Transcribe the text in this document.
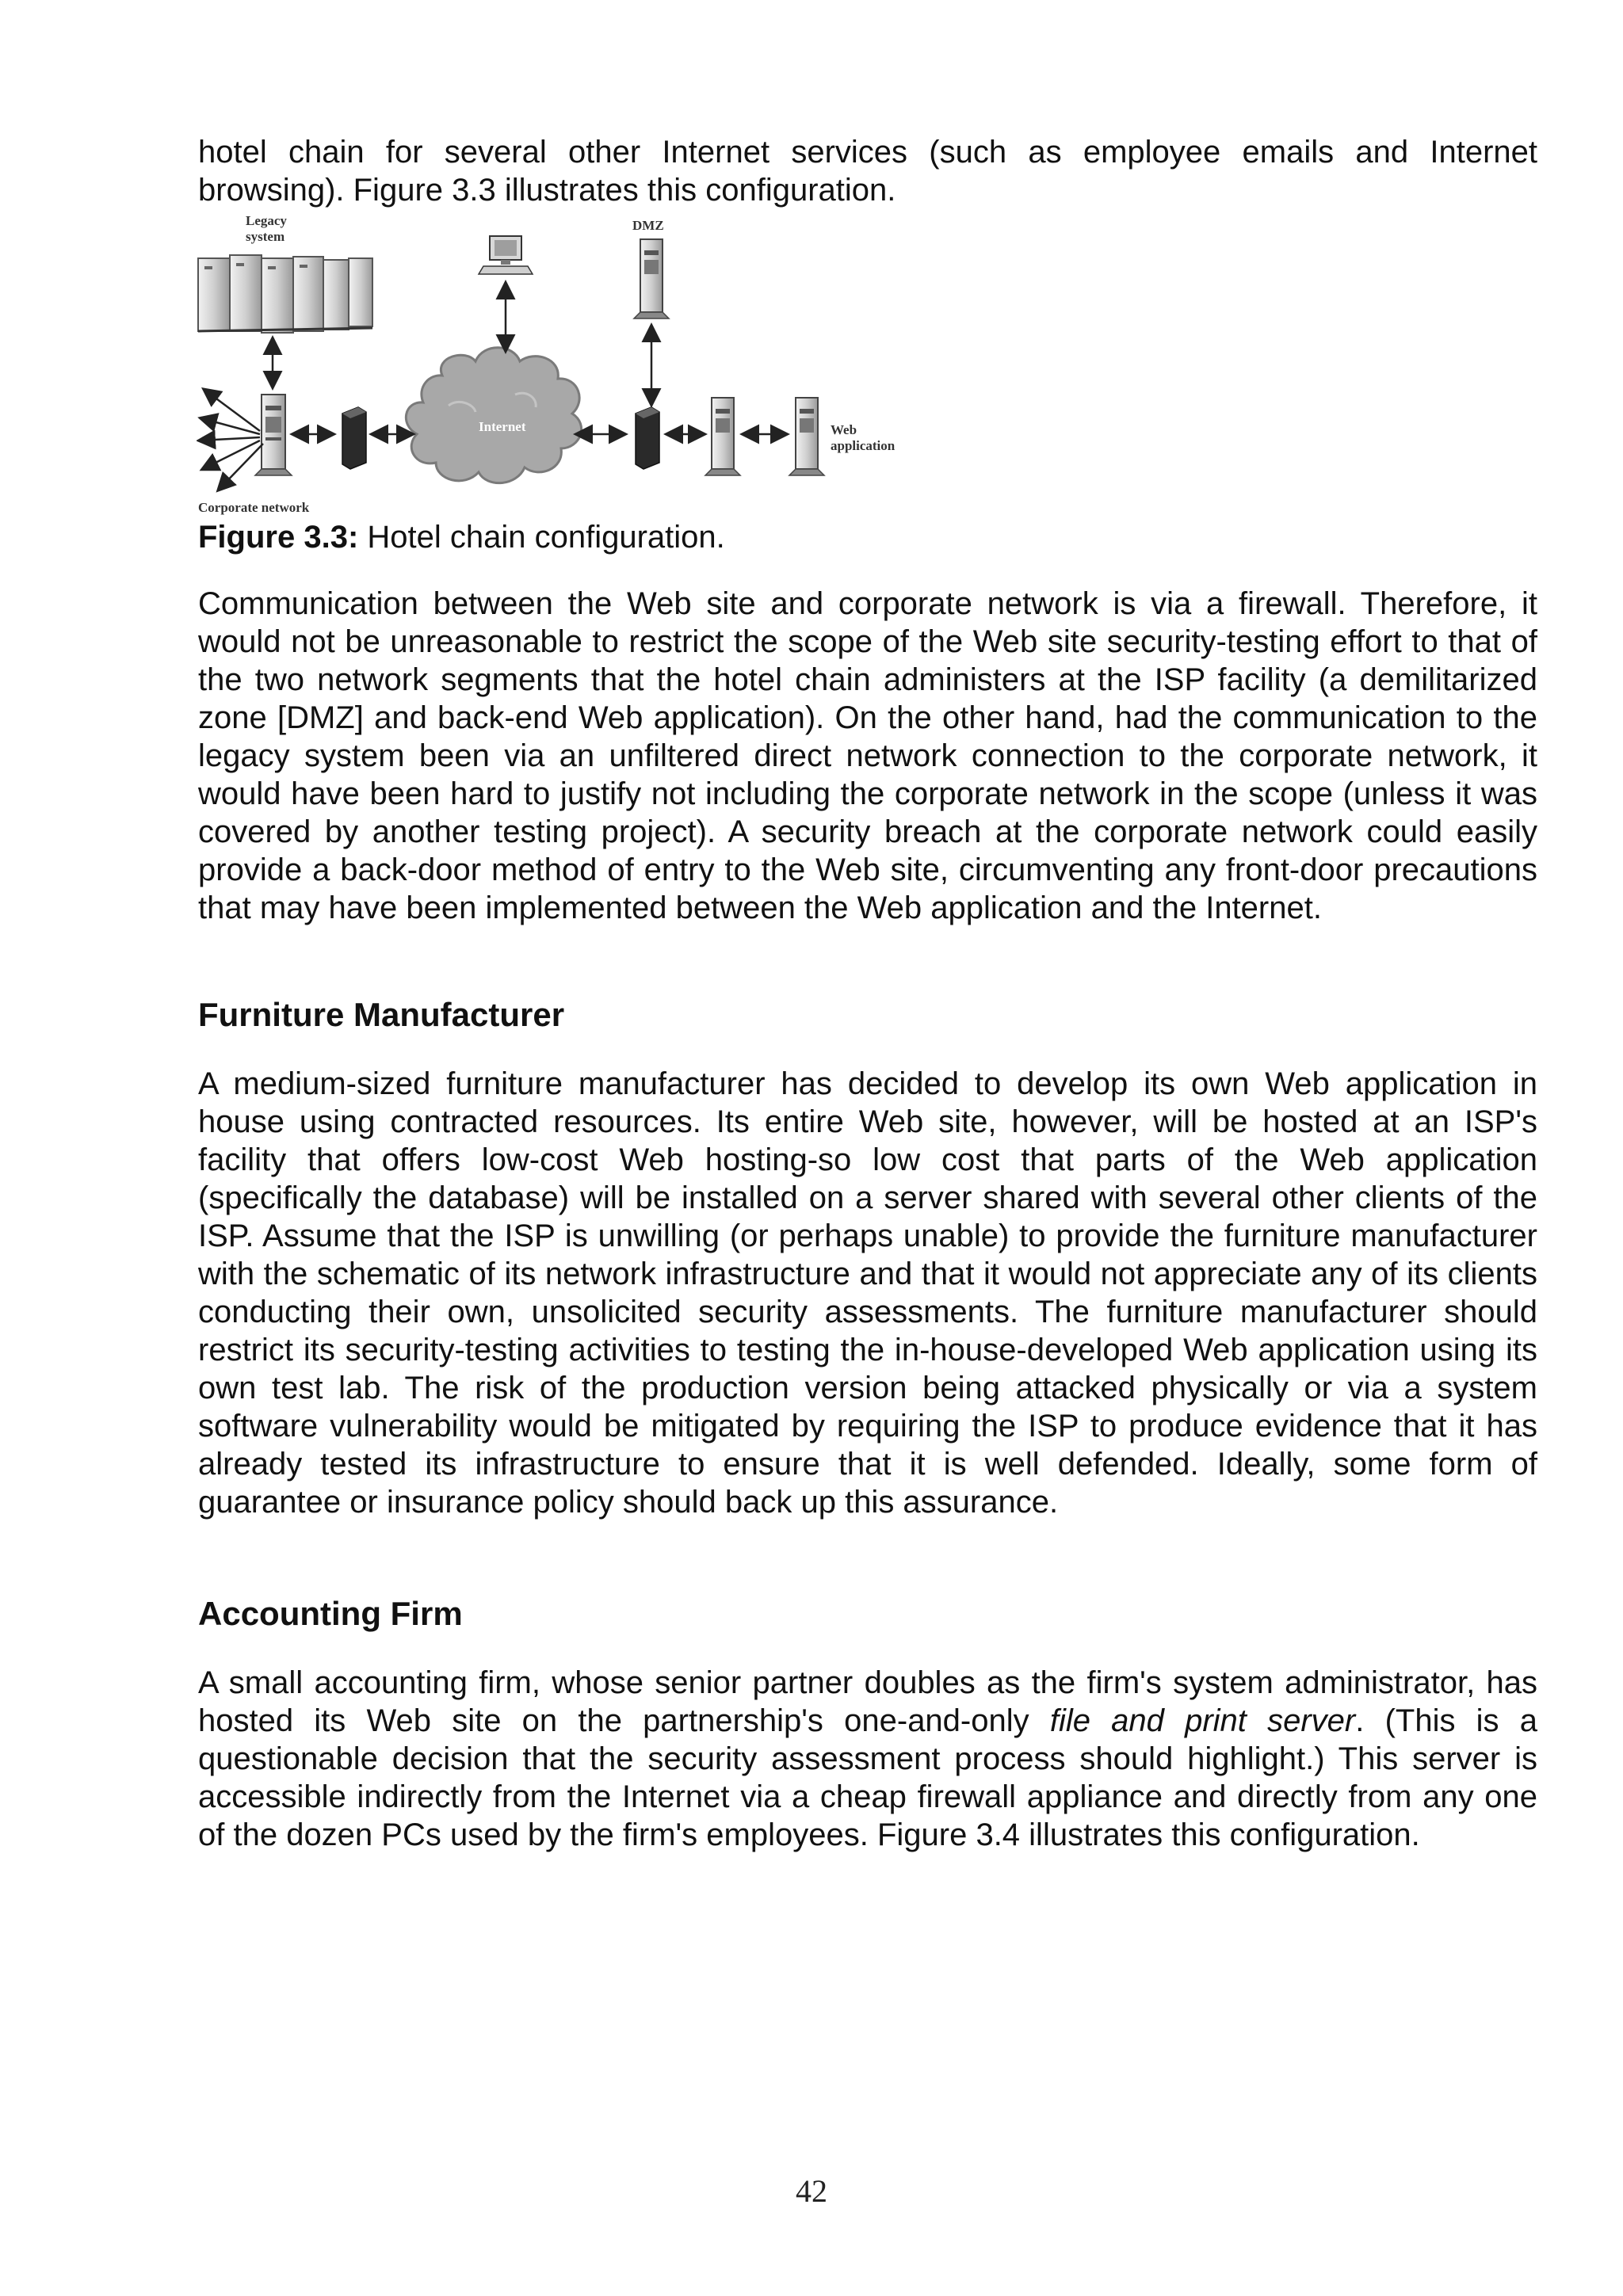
hotel chain for several other Internet services (such as employee emails and Internet browsing). Figure 3.3 illustrates this configuration.

Legacy
system
Corporate network
Internet
DMZ
Web
application

Figure 3.3: Hotel chain configuration.

Communication between the Web site and corporate network is via a firewall. Therefore, it would not be unreasonable to restrict the scope of the Web site security-testing effort to that of the two network segments that the hotel chain administers at the ISP facility (a demilitarized zone [DMZ] and back-end Web application). On the other hand, had the communication to the legacy system been via an unfiltered direct network connection to the corporate network, it would have been hard to justify not including the corporate network in the scope (unless it was covered by another testing project). A security breach at the corporate network could easily provide a back-door method of entry to the Web site, circumventing any front-door precautions that may have been implemented between the Web application and the Internet.

Furniture Manufacturer

A medium-sized furniture manufacturer has decided to develop its own Web application in house using contracted resources. Its entire Web site, however, will be hosted at an ISP's facility that offers low-cost Web hosting-so low cost that parts of the Web application (specifically the database) will be installed on a server shared with several other clients of the ISP. Assume that the ISP is unwilling (or perhaps unable) to provide the furniture manufacturer with the schematic of its network infrastructure and that it would not appreciate any of its clients conducting their own, unsolicited security assessments. The furniture manufacturer should restrict its security-testing activities to testing the in-house-developed Web application using its own test lab. The risk of the production version being attacked physically or via a system software vulnerability would be mitigated by requiring the ISP to produce evidence that it has already tested its infrastructure to ensure that it is well defended. Ideally, some form of guarantee or insurance policy should back up this assurance.

Accounting Firm

A small accounting firm, whose senior partner doubles as the firm's system administrator, has hosted its Web site on the partnership's one-and-only file and print server. (This is a questionable decision that the security assessment process should highlight.) This server is accessible indirectly from the Internet via a cheap firewall appliance and directly from any one of the dozen PCs used by the firm's employees. Figure 3.4 illustrates this configuration.

42
